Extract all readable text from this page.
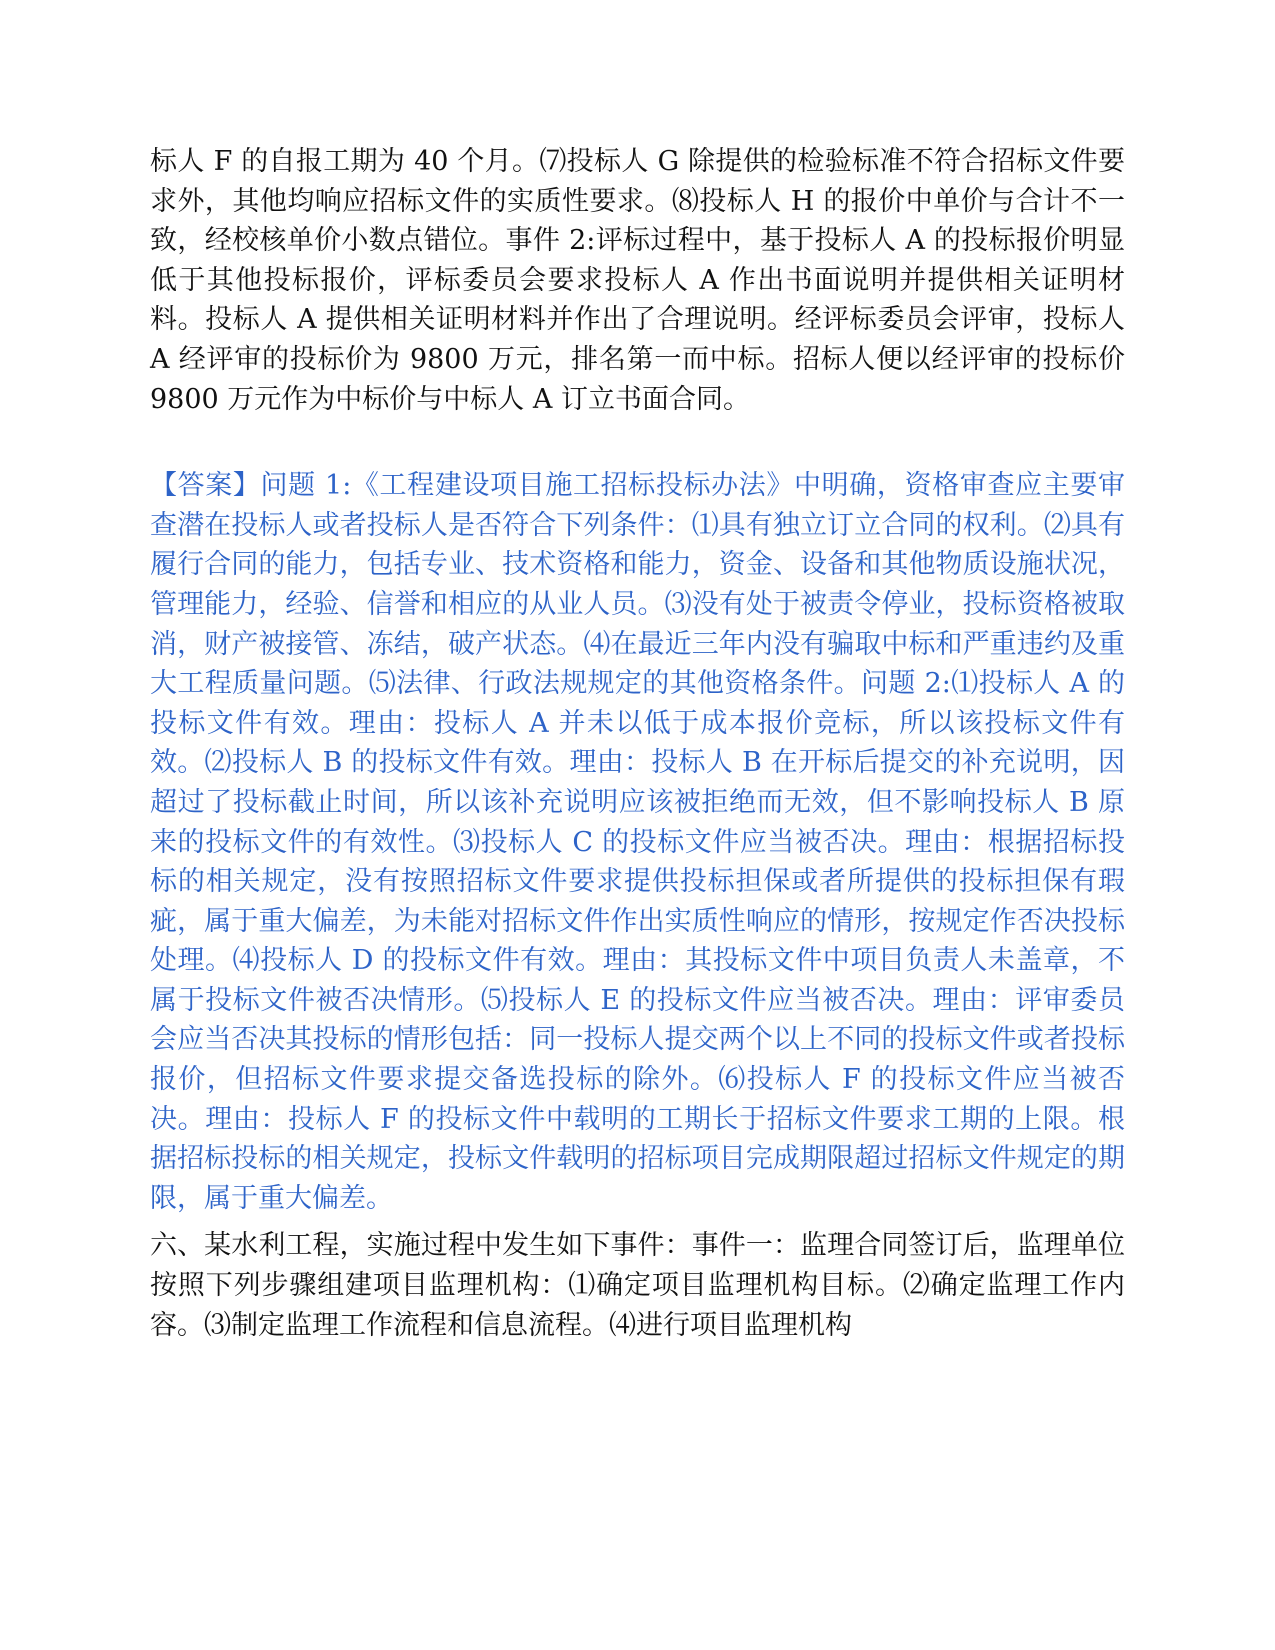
标人 F 的自报工期为 40 个月。⑺投标人 G 除提供的检验标准不符合招标文件要求外，其他均响应招标文件的实质性要求。⑻投标人 H 的报价中单价与合计不一致，经校核单价小数点错位。事件 2:评标过程中，基于投标人 A 的投标报价明显低于其他投标报价，评标委员会要求投标人 A 作出书面说明并提供相关证明材料。投标人 A 提供相关证明材料并作出了合理说明。经评标委员会评审，投标人 A 经评审的投标价为 9800 万元，排名第一而中标。招标人便以经评审的投标价 9800 万元作为中标价与中标人 A 订立书面合同。

【答案】问题 1:《工程建设项目施工招标投标办法》中明确，资格审查应主要审查潜在投标人或者投标人是否符合下列条件：⑴具有独立订立合同的权利。⑵具有履行合同的能力，包括专业、技术资格和能力，资金、设备和其他物质设施状况，管理能力，经验、信誉和相应的从业人员。⑶没有处于被责令停业，投标资格被取消，财产被接管、冻结，破产状态。⑷在最近三年内没有骗取中标和严重违约及重大工程质量问题。⑸法律、行政法规规定的其他资格条件。问题 2:⑴投标人 A 的投标文件有效。理由：投标人 A 并未以低于成本报价竞标，所以该投标文件有效。⑵投标人 B 的投标文件有效。理由：投标人 B 在开标后提交的补充说明，因超过了投标截止时间，所以该补充说明应该被拒绝而无效，但不影响投标人 B 原来的投标文件的有效性。⑶投标人 C 的投标文件应当被否决。理由：根据招标投标的相关规定，没有按照招标文件要求提供投标担保或者所提供的投标担保有瑕疵，属于重大偏差，为未能对招标文件作出实质性响应的情形，按规定作否决投标处理。⑷投标人 D 的投标文件有效。理由：其投标文件中项目负责人未盖章，不属于投标文件被否决情形。⑸投标人 E 的投标文件应当被否决。理由：评审委员会应当否决其投标的情形包括：同一投标人提交两个以上不同的投标文件或者投标报价，但招标文件要求提交备选投标的除外。⑹投标人 F 的投标文件应当被否决。理由：投标人 F 的投标文件中载明的工期长于招标文件要求工期的上限。根据招标投标的相关规定，投标文件载明的招标项目完成期限超过招标文件规定的期限，属于重大偏差。

六、某水利工程，实施过程中发生如下事件：事件一：监理合同签订后，监理单位按照下列步骤组建项目监理机构：⑴确定项目监理机构目标。⑵确定监理工作内容。⑶制定监理工作流程和信息流程。⑷进行项目监理机构
